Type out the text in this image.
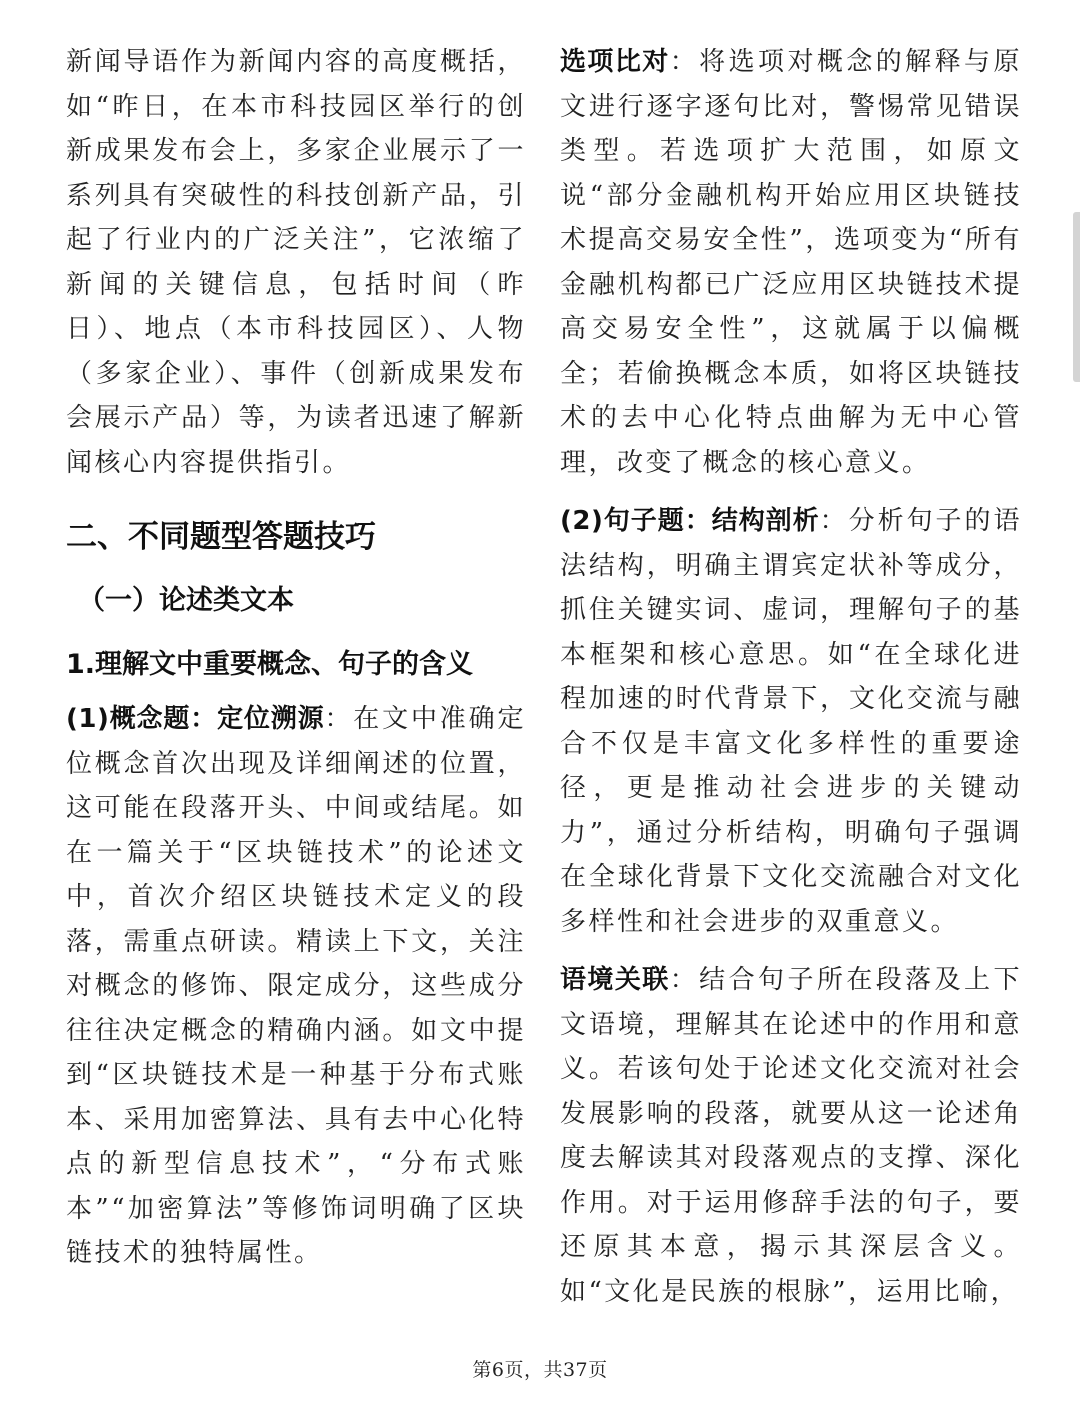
新闻导语作为新闻内容的高度概括，如“昨日，在本市科技园区举行的创新成果发布会上，多家企业展示了一系列具有突破性的科技创新产品，引起了行业内的广泛关注”，它浓缩了新闻的关键信息，包括时间（昨日）、地点（本市科技园区）、人物（多家企业）、事件（创新成果发布会展示产品）等，为读者迅速了解新闻核心内容提供指引。

二、不同题型答题技巧
（一）论述类文本
1.理解文中重要概念、句子的含义

(1)概念题：定位溯源：在文中准确定位概念首次出现及详细阐述的位置，这可能在段落开头、中间或结尾。如在一篇关于“区块链技术”的论述文中，首次介绍区块链技术定义的段落，需重点研读。精读上下文，关注对概念的修饰、限定成分，这些成分往往决定概念的精确内涵。如文中提到“区块链技术是一种基于分布式账本、采用加密算法、具有去中心化特点的新型信息技术”，“分布式账本”“加密算法”等修饰词明确了区块链技术的独特属性。

选项比对：将选项对概念的解释与原文进行逐字逐句比对，警惕常见错误类型。若选项扩大范围，如原文说“部分金融机构开始应用区块链技术提高交易安全性”，选项变为“所有金融机构都已广泛应用区块链技术提高交易安全性”，这就属于以偏概全；若偷换概念本质，如将区块链技术的去中心化特点曲解为无中心管理，改变了概念的核心意义。

(2)句子题：结构剖析：分析句子的语法结构，明确主谓宾定状补等成分，抓住关键实词、虚词，理解句子的基本框架和核心意思。如“在全球化进程加速的时代背景下，文化交流与融合不仅是丰富文化多样性的重要途径，更是推动社会进步的关键动力”，通过分析结构，明确句子强调在全球化背景下文化交流融合对文化多样性和社会进步的双重意义。

语境关联：结合句子所在段落及上下文语境，理解其在论述中的作用和意义。若该句处于论述文化交流对社会发展影响的段落，就要从这一论述角度去解读其对段落观点的支撑、深化作用。对于运用修辞手法的句子，要还原其本意，揭示其深层含义。如“文化是民族的根脉”，运用比喻，

第6页，共37页
